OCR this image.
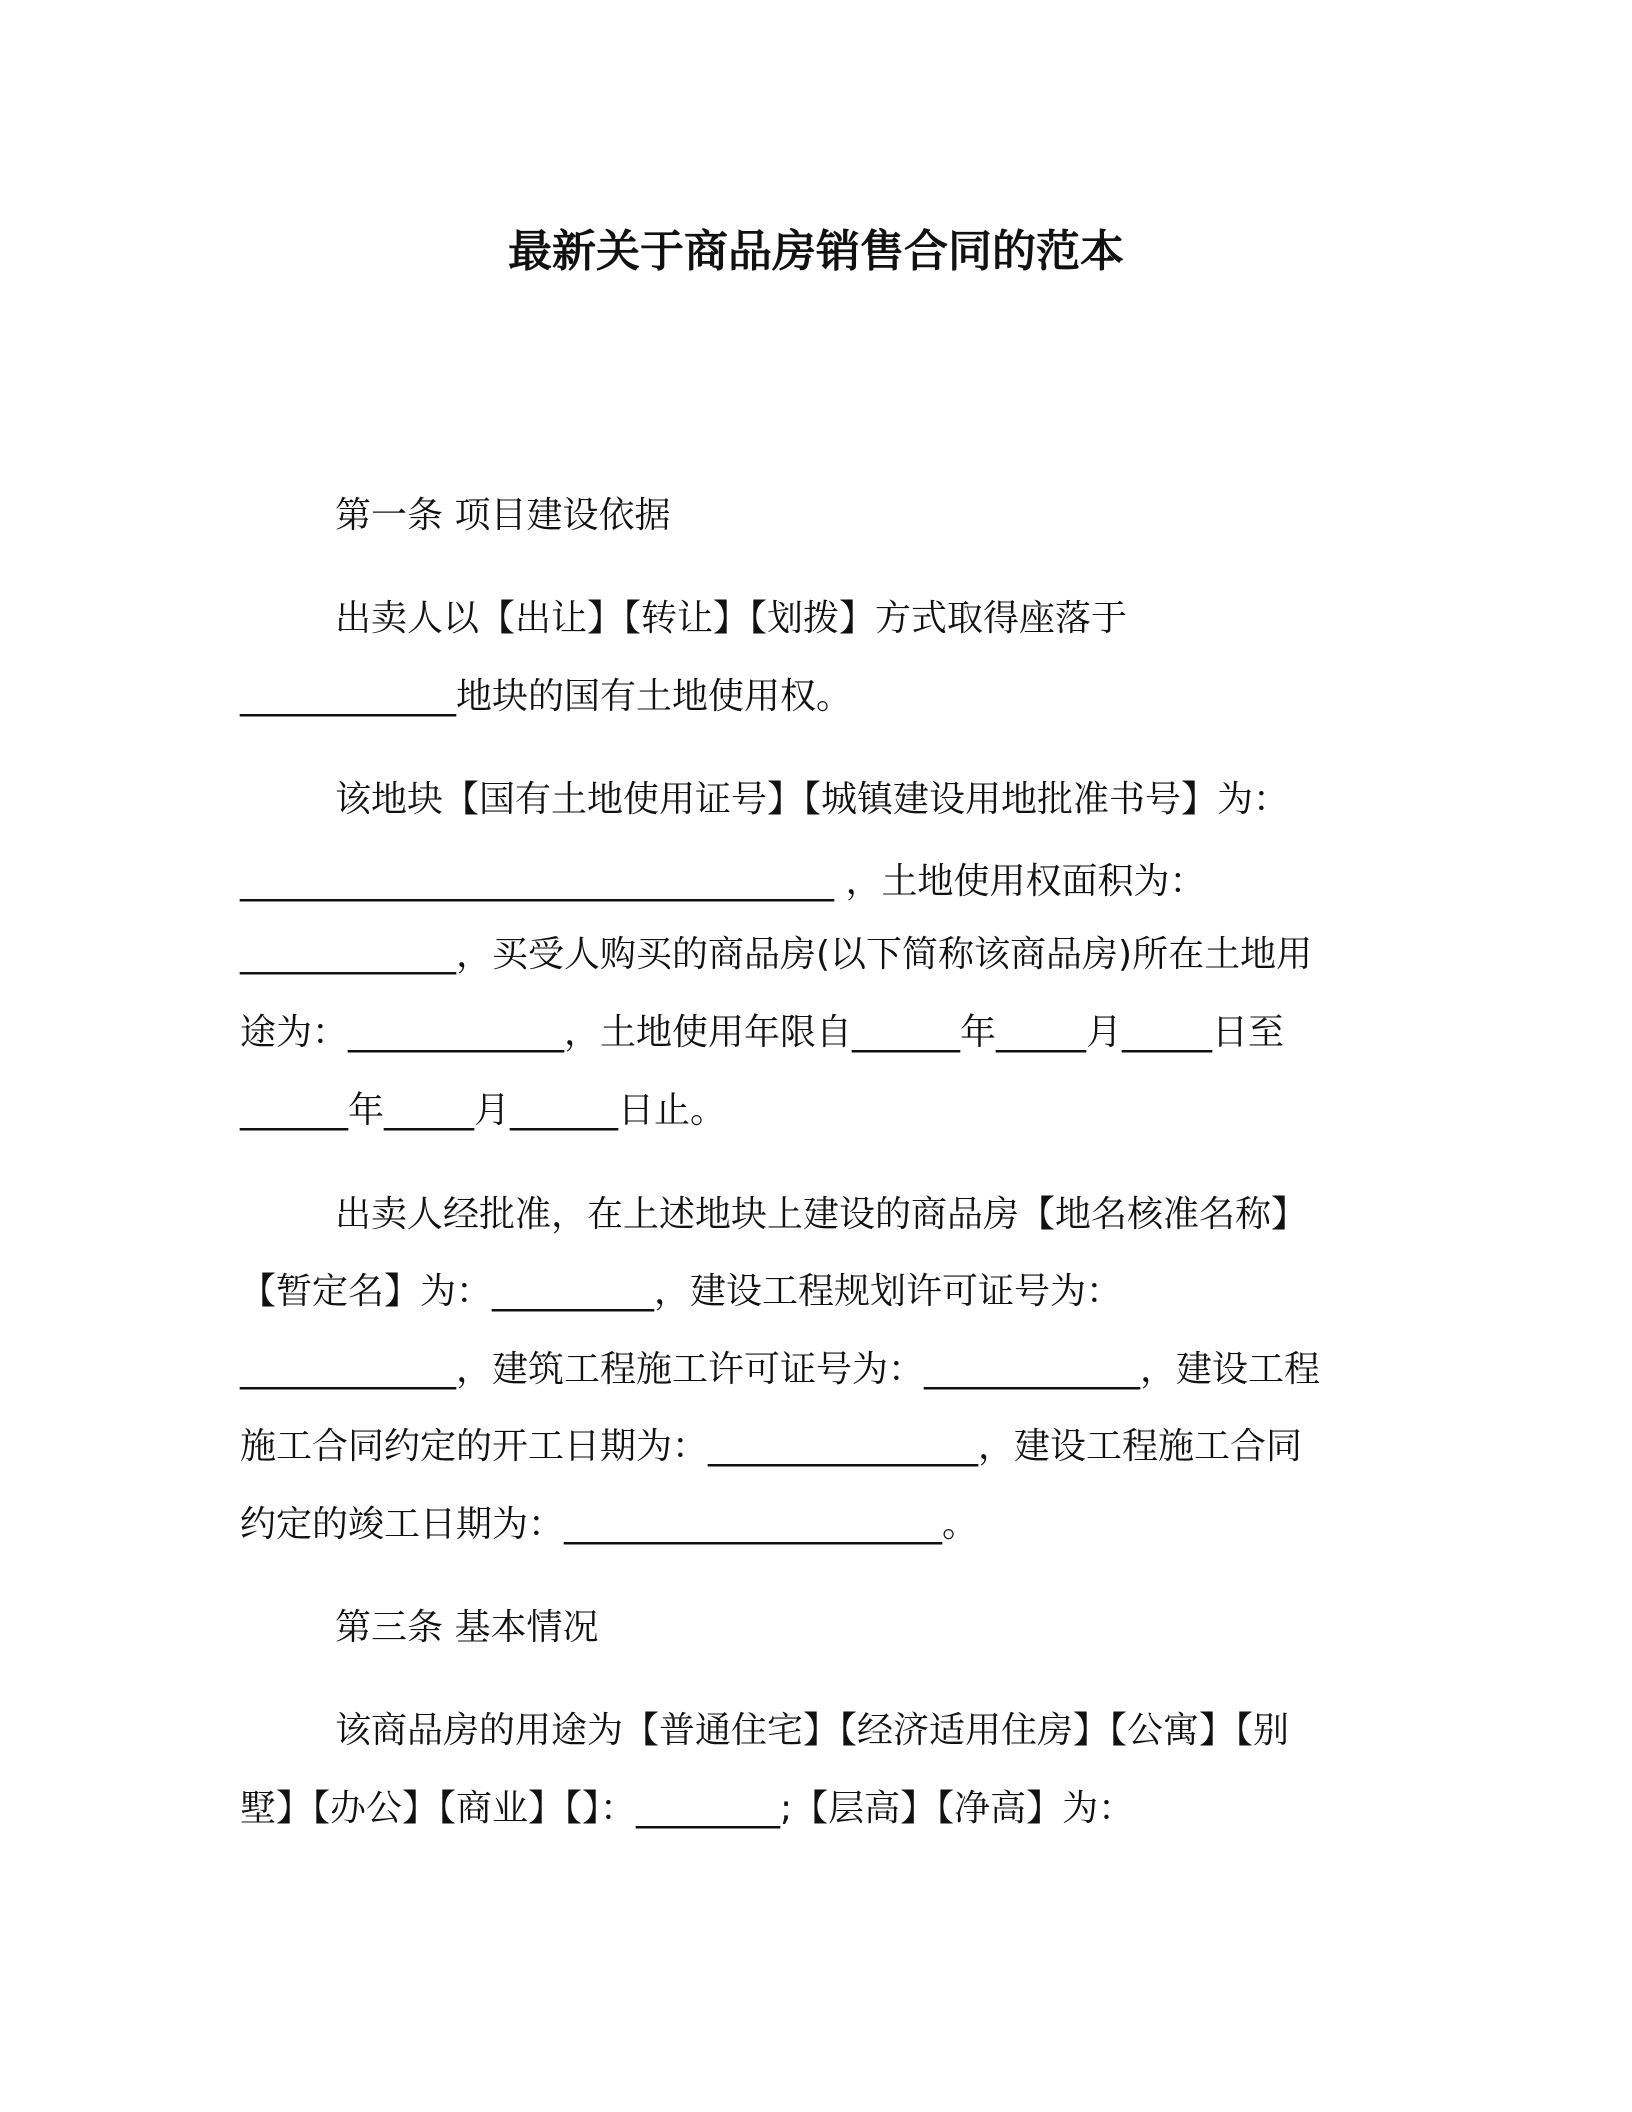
最新关于商品房销售合同的范本
第一条 项目建设依据
出卖人以【出让】【转让】【划拨】方式取得座落于
____________地块的国有土地使用权。
该地块【国有土地使用证号】【城镇建设用地批准书号】为：
_________________________________ ，土地使用权面积为：
____________，买受人购买的商品房(以下简称该商品房)所在土地用
途为：____________，土地使用年限自______年_____月_____日至
______年_____月______日止。
出卖人经批准，在上述地块上建设的商品房【地名核准名称】
【暂定名】为：_________，建设工程规划许可证号为：
____________，建筑工程施工许可证号为：____________，建设工程
施工合同约定的开工日期为：_______________，建设工程施工合同
约定的竣工日期为：_____________________。
第三条 基本情况
该商品房的用途为【普通住宅】【经济适用住房】【公寓】【别
墅】【办公】【商业】【】：________;【层高】【净高】为：
